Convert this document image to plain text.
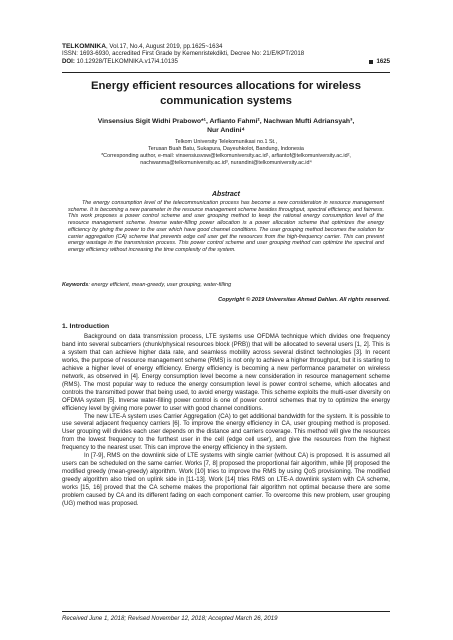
TELKOMNIKA, Vol.17, No.4, August 2019, pp.1625~1634
ISSN: 1693-6930, accredited First Grade by Kemenristekdikti, Decree No: 21/E/KPT/2018
DOI: 10.12928/TELKOMNIKA.v17i4.10135	1625
Energy efficient resources allocations for wireless
communication systems
Vinsensius Sigit Widhi Prabowo*¹, Arfianto Fahmi², Nachwan Mufti Adriansyah³,
Nur Andini⁴
Telkom University Telekomunikasi no.1 St.,
Terusan Buah Batu, Sukapura, Dayeuhkolot, Bandung, Indonesia
*Corresponding author, e-mail: vinsensiusvsw@telkomuniversity.ac.id¹, arfiantof@telkomuniversity.ac.id²,
nachwanma@telkomuniversity.ac.id³, nurandini@telkomuniversity.ac.id⁴
Abstract

The energy consumption level of the telecommunication process has become a new consideration in resource management scheme. It is becoming a new parameter in the resource management scheme besides throughput, spectral efficiency, and fairness. This work proposes a power control scheme and user grouping method to keep the rational energy consumption level of the resource management scheme. Inverse water-filling power allocation is a power allocation scheme that optimizes the energy efficiency by giving the power to the user which have good channel conditions. The user grouping method becomes the solution for carrier aggregation (CA) scheme that prevents edge cell user get the resources from the high-frequency carrier. This can prevent energy wastage in the transmission process. This power control scheme and user grouping method can optimize the spectral and energy efficiency without increasing the time complexity of the system.

Keywords: energy efficient, mean-greedy, user grouping, water-filling
Copyright © 2019 Universitas Ahmad Dahlan. All rights reserved.
1. Introduction

Background on data transmission process, LTE systems use OFDMA technique which divides one frequency band into several subcarriers (chunk/physical resources block (PRB)) that will be allocated to several users [1, 2]. This is a system that can achieve higher data rate, and seamless mobility across several distinct technologies [3]. In recent works, the purpose of resource management scheme (RMS) is not only to achieve a higher throughput, but it is starting to achieve a higher level of energy efficiency. Energy efficiency is becoming a new performance parameter on wireless network, as observed in [4]. Energy consumption level become a new consideration in resource management scheme (RMS). The most popular way to reduce the energy consumption level is power control scheme, which allocates and controls the transmitted power that being used, to avoid energy wastage. This scheme exploits the multi-user diversity on OFDMA system [5]. Inverse water-filling power control is one of power control schemes that try to optimize the energy efficiency level by giving more power to user with good channel conditions.

The new LTE-A system uses Carrier Aggregation (CA) to get additional bandwidth for the system. It is possible to use several adjacent frequency carriers [6]. To improve the energy efficiency in CA, user grouping method is proposed. User grouping will divides each user depends on the distance and carriers coverage. This method will give the resources from the lowest frequency to the furthest user in the cell (edge cell user), and give the resources from the highest frequency to the nearest user. This can improve the energy efficiency in the system.

In [7-9], RMS on the downlink side of LTE systems with single carrier (without CA) is proposed. It is assumed all users can be scheduled on the same carrier. Works [7, 8] proposed the proportional fair algorithm, while [9] proposed the modified greedy (mean-greedy) algorithm. Work [10] tries to improve the RMS by using QoS provisioning. The modified greedy algorithm also tried on uplink side in [11-13]. Work [14] tries RMS on LTE-A downlink system with CA scheme, works [15, 16] proved that the CA scheme makes the proportional fair algorithm not optimal because there are some problem caused by CA and its different fading on each component carrier. To overcome this new problem, user grouping (UG) method was proposed.

Received June 1, 2018; Revised November 12, 2018; Accepted March 26, 2019
